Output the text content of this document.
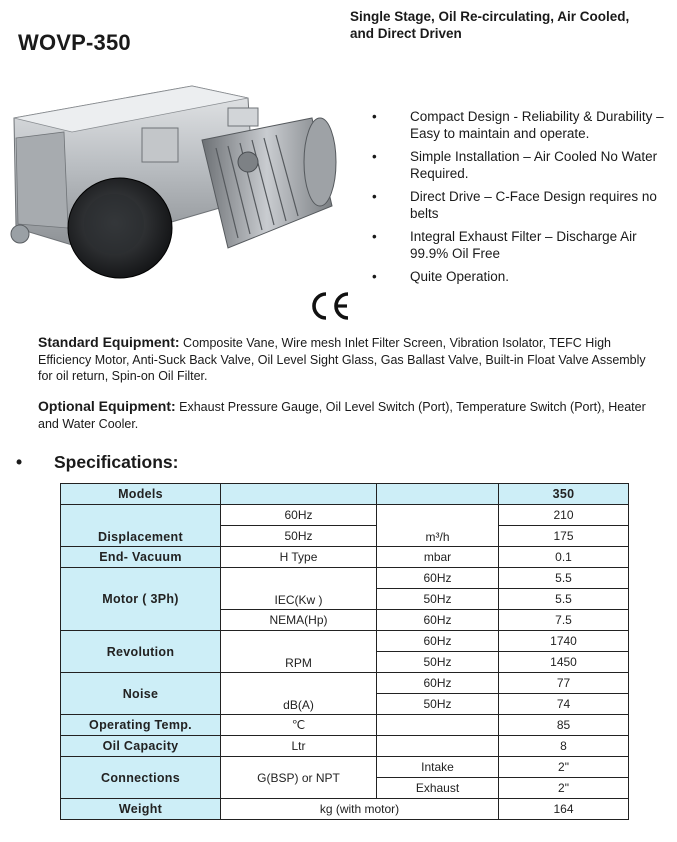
WOVP-350
Single Stage, Oil Re-circulating, Air Cooled, and Direct Driven
• Compact Design - Reliability & Durability – Easy to maintain and operate.
• Simple Installation – Air Cooled No Water Required.
• Direct Drive – C-Face Design requires no belts
• Integral Exhaust Filter – Discharge Air 99.9% Oil Free
• Quite Operation.
Standard Equipment: Composite Vane, Wire mesh Inlet Filter Screen, Vibration Isolator, TEFC High Efficiency Motor, Anti-Suck Back Valve, Oil Level Sight Glass, Gas Ballast Valve, Built-in Float Valve Assembly for oil return, Spin-on Oil Filter.
Optional Equipment: Exhaust Pressure Gauge, Oil Level Switch (Port), Temperature Switch (Port), Heater and Water Cooler.
• Specifications:
Models			350
Displacement	60Hz	m³/h	210
	50Hz		175
End- Vacuum	H Type	mbar	0.1
Motor ( 3Ph)	IEC(Kw )	60Hz	5.5
		50Hz	5.5
	NEMA(Hp)	60Hz	7.5
Revolution	RPM	60Hz	1740
		50Hz	1450
Noise	dB(A)	60Hz	77
		50Hz	74
Operating Temp.	℃		85
Oil Capacity	Ltr		8
Connections	G(BSP) or NPT	Intake	2"
		Exhaust	2"
Weight	kg (with motor)		164
